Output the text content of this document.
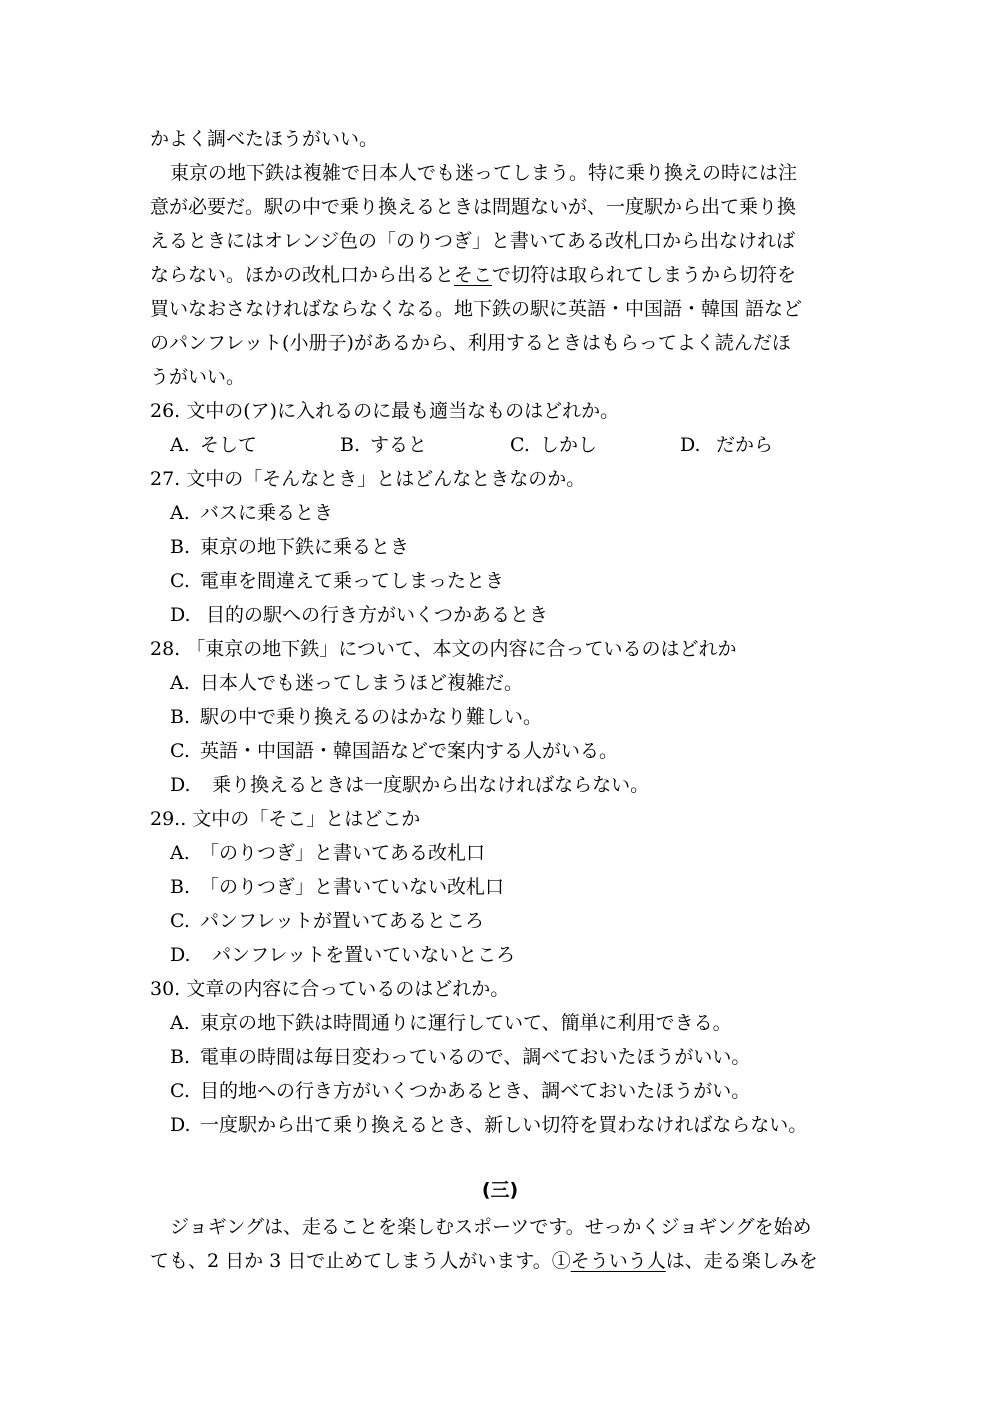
かよく調べたほうがいい。
東京の地下鉄は複雑で日本人でも迷ってしまう。特に乗り換えの時には注
意が必要だ。駅の中で乗り換えるときは問題ないが、一度駅から出て乗り換
えるときにはオレンジ色の「のりつぎ」と書いてある改札口から出なければ
ならない。ほかの改札口から出るとそこで切符は取られてしまうから切符を
買いなおさなければならなくなる。地下鉄の駅に英語・中国語・韓国 語など
のパンフレット(小册子)があるから、利用するときはもらってよく読んだほ
うがいい。
26. 文中の(ア)に入れるのに最も適当なものはどれか。
A. そして	B. すると	C. しかし	D. だから
27. 文中の「そんなとき」とはどんなときなのか。
A. バスに乗るとき
B. 東京の地下鉄に乗るとき
C. 電車を間違えて乗ってしまったとき
D. 目的の駅への行き方がいくつかあるとき
28. 「東京の地下鉄」について、本文の内容に合っているのはどれか
A. 日本人でも迷ってしまうほど複雑だ。
B. 駅の中で乗り換えるのはかなり難しい。
C. 英語・中国語・韓国語などで案内する人がいる。
D.  乗り換えるときは一度駅から出なければならない。
29.. 文中の「そこ」とはどこか
A. 「のりつぎ」と書いてある改札口
B. 「のりつぎ」と書いていない改札口
C. パンフレットが置いてあるところ
D.  パンフレットを置いていないところ
30. 文章の内容に合っているのはどれか。
A. 東京の地下鉄は時間通りに運行していて、簡単に利用できる。
B. 電車の時間は毎日変わっているので、調べておいたほうがいい。
C. 目的地への行き方がいくつかあるとき、調べておいたほうがい。
D. 一度駅から出て乗り換えるとき、新しい切符を買わなければならない。
(三)
ジョギングは、走ることを楽しむスポーツです。せっかくジョギングを始め
ても、2 日か 3 日で止めてしまう人がいます。①そういう人は、走る楽しみを
